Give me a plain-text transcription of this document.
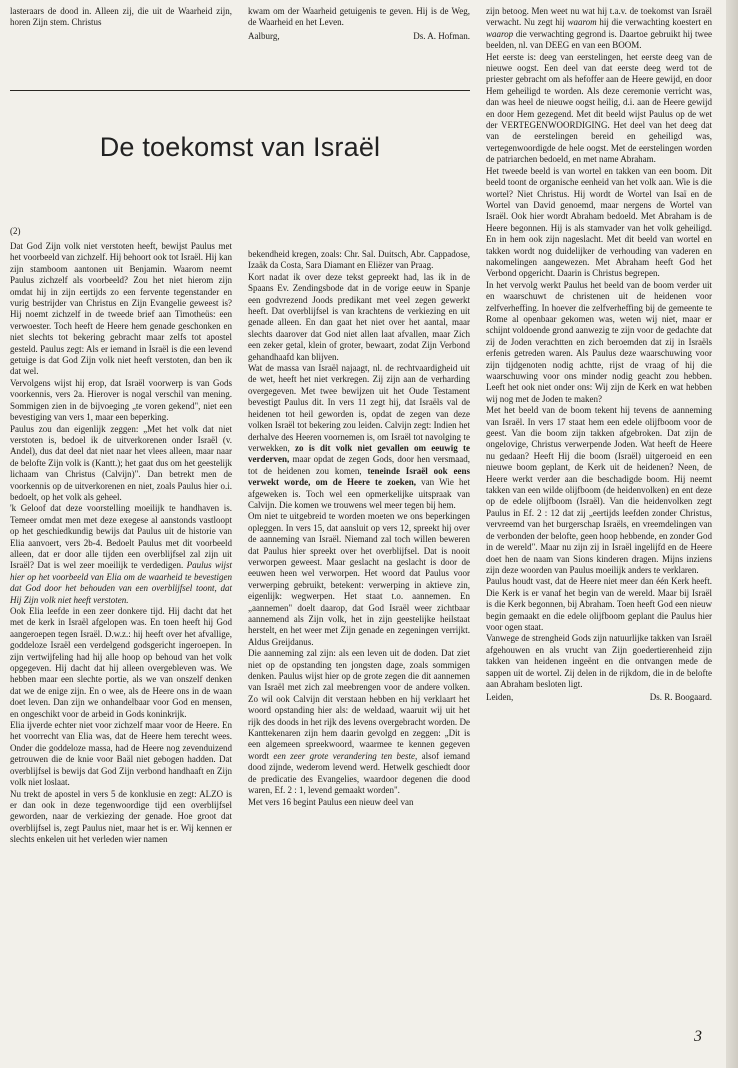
lasteraars de dood in. Alleen zij, die uit de Waarheid zijn, horen Zijn stem. Christus

kwam om der Waarheid getuigenis te geven. Hij is de Weg, de Waarheid en het Leven.

Aalburg,	Ds. A. Hofman.
De toekomst van Israël
(2)

Dat God Zijn volk niet verstoten heeft, bewijst Paulus met het voorbeeld van zichzelf. Hij behoort ook tot Israël. Hij kan zijn stamboom aantonen uit Benjamin. Waarom neemt Paulus zichzelf als voorbeeld? Zou het niet hierom zijn omdat hij in zijn eertijds zo een fervente tegenstander en vurig bestrijder van Christus en Zijn Evangelie geweest is? Hij noemt zichzelf in de tweede brief aan Timotheüs: een verwoester. Toch heeft de Heere hem genade geschonken en niet slechts tot bekering gebracht maar zelfs tot apostel gesteld. Paulus zegt: Als er iemand in Israël is die een levend getuige is dat God Zijn volk niet heeft verstoten, dan ben ik dat wel.

Vervolgens wijst hij erop, dat Israël voorwerp is van Gods voorkennis, vers 2a. Hierover is nogal verschil van mening. Sommigen zien in de bijvoeging „te voren gekend", niet een bevestiging van vers 1, maar een beperking.

Paulus zou dan eigenlijk zeggen: „Met het volk dat niet verstoten is, bedoel ik de uitverkorenen onder Israël (v. Andel), dus dat deel dat niet naar het vlees alleen, maar naar de belofte Zijn volk is (Kantt.); het gaat dus om het geestelijk lichaam van Christus (Calvijn)". Dan betrekt men de voorkennis op de uitverkorenen en niet, zoals Paulus hier o.i. bedoelt, op het volk als geheel.

'k Geloof dat deze voorstelling moeilijk te handhaven is. Temeer omdat men met deze exegese al aanstonds vastloopt op het geschiedkundig bewijs dat Paulus uit de historie van Elia aanvoert, vers 2b-4. Bedoelt Paulus met dit voorbeeld alleen, dat er door alle tijden een overblijfsel zal zijn uit Israël? Dat is wel zeer moeilijk te verdedigen. Paulus wijst hier op het voorbeeld van Elia om de waarheid te bevestigen dat God door het behouden van een overblijfsel toont, dat Hij Zijn volk niet heeft verstoten.

Ook Elia leefde in een zeer donkere tijd. Hij dacht dat het met de kerk in Israël afgelopen was. En toen heeft hij God aangeroepen tegen Israël. D.w.z.: hij heeft over het afvallige, goddeloze Israël een verdelgend godsgericht ingeroepen. In zijn vertwijfeling had hij alle hoop op behoud van het volk opgegeven. Hij dacht dat hij alleen overgebleven was. We hebben maar een slechte portie, als we van onszelf denken dat we de enige zijn. En o wee, als de Heere ons in de waan doet leven. Dan zijn we onhandelbaar voor God en mensen, en ongeschikt voor de arbeid in Gods koninkrijk.

Elia ijverde echter niet voor zichzelf maar voor de Heere. En het voorrecht van Elia was, dat de Heere hem terecht wees. Onder die goddeloze massa, had de Heere nog zevenduizend getrouwen die de knie voor Baäl niet gebogen hadden. Dat overblijfsel is bewijs dat God Zijn verbond handhaaft en Zijn volk niet loslaat.

Nu trekt de apostel in vers 5 de konklusie en zegt: ALZO is er dan ook in deze tegenwoordige tijd een overblijfsel geworden, naar de verkiezing der genade. Hoe groot dat overblijfsel is, zegt Paulus niet, maar het is er. Wij kennen er slechts enkelen uit het verleden wier namen

bekendheid kregen, zoals: Chr. Sal. Duitsch, Abr. Cappadose, Izaäk da Costa, Sara Diamant en Eliëzer van Praag.

Kort nadat ik over deze tekst gepreekt had, las ik in de Spaans Ev. Zendingsbode dat in de vorige eeuw in Spanje een godvrezend Joods predikant met veel zegen gewerkt heeft. Dat overblijfsel is van krachtens de verkiezing en uit genade alleen. En dan gaat het niet over het aantal, maar slechts daarover dat God niet allen laat afvallen, maar Zich een zeker getal, klein of groter, bewaart, zodat Zijn Verbond gehandhaafd kan blijven.

Wat de massa van Israël najaagt, nl. de rechtvaardigheid uit de wet, heeft het niet verkregen. Zij zijn aan de verharding overgegeven. Met twee bewijzen uit het Oude Testament bevestigt Paulus dit. In vers 11 zegt hij, dat Israëls val de heidenen tot heil geworden is, opdat de zegen van deze volken Israël tot bekering zou leiden. Calvijn zegt: Indien het derhalve des Heeren voornemen is, om Israël tot navolging te verwekken, zo is dit volk niet gevallen om eeuwig te verderven, maar opdat de zegen Gods, door hen versmaad, tot de heidenen zou komen, teneinde Israël ook eens verwekt worde, om de Heere te zoeken, van Wie het afgeweken is. Toch wel een opmerkelijke uitspraak van Calvijn. Die komen we trouwens wel meer tegen bij hem.

Om niet te uitgebreid te worden moeten we ons beperkingen opleggen. In vers 15, dat aansluit op vers 12, spreekt hij over de aanneming van Israël. Niemand zal toch willen beweren dat Paulus hier spreekt over het overblijfsel. Dat is nooit verworpen geweest. Maar geslacht na geslacht is door de eeuwen heen wel verworpen. Het woord dat Paulus voor verwerping gebruikt, betekent: verwerping in aktieve zin, eigenlijk: wegwerpen. Het staat t.o. aannemen. En „aannemen" doelt daarop, dat God Israël weer zichtbaar aannemend als Zijn volk, het in zijn geestelijke heilstaat herstelt, en het weer met Zijn genade en zegeningen verrijkt. Aldus Greijdanus.

Die aanneming zal zijn: als een leven uit de doden. Dat ziet niet op de opstanding ten jongsten dage, zoals sommigen denken. Paulus wijst hier op de grote zegen die dit aannemen van Israël met zich zal meebrengen voor de andere volken. Zo wil ook Calvijn dit verstaan hebben en hij verklaart het woord opstanding hier als: de weldaad, waaruit wij uit het rijk des doods in het rijk des levens overgebracht worden. De Kanttekenaren zijn hem daarin gevolgd en zeggen: „Dit is een algemeen spreekwoord, waarmee te kennen gegeven wordt een zeer grote verandering ten beste, alsof iemand dood zijnde, wederom levend werd. Hetwelk geschiedt door de predicatie des Evangelies, waardoor degenen die dood waren, Ef. 2 : 1, levend gemaakt worden".

Met vers 16 begint Paulus een nieuw deel van

zijn betoog. Men weet nu wat hij t.a.v. de toekomst van Israël verwacht. Nu zegt hij waarom hij die verwachting koestert en waarop die verwachting gegrond is. Daartoe gebruikt hij twee beelden, nl. van DEEG en van een BOOM.

Het eerste is: deeg van eerstelingen, het eerste deeg van de nieuwe oogst. Een deel van dat eerste deeg werd tot de priester gebracht om als hefoffer aan de Heere gewijd, en door Hem geheiligd te worden. Als deze ceremonie verricht was, dan was heel de nieuwe oogst heilig, d.i. aan de Heere gewijd en door Hem gezegend. Met dit beeld wijst Paulus op de wet der VERTEGENWOORDIGING. Het deel van het deeg dat van de eerstelingen bereid en geheiligd was, vertegenwoordigde de hele oogst. Met de eerstelingen worden de patriarchen bedoeld, en met name Abraham.

Het tweede beeld is van wortel en takken van een boom. Dit beeld toont de organische eenheid van het volk aan. Wie is die wortel? Niet Christus. Hij wordt de Wortel van Isaï en de Wortel van David genoemd, maar nergens de Wortel van Israël. Ook hier wordt Abraham bedoeld. Met Abraham is de Heere begonnen. Hij is als stamvader van het volk geheiligd. En in hem ook zijn nageslacht. Met dit beeld van wortel en takken wordt nog duidelijker de verhouding van vaderen en nakomelingen aangewezen. Met Abraham heeft God het Verbond opgericht. Daarin is Christus begrepen.

In het vervolg werkt Paulus het beeld van de boom verder uit en waarschuwt de christenen uit de heidenen voor zelfverheffing. In hoever die zelfverheffing bij de gemeente te Rome al openbaar gekomen was, weten wij niet, maar er schijnt voldoende grond aanwezig te zijn voor de gedachte dat zij de Joden verachtten en zich beroemden dat zij in Israëls erfenis getreden waren. Als Paulus deze waarschuwing voor zijn tijdgenoten nodig achtte, rijst de vraag of hij die waarschuwing voor ons minder nodig geacht zou hebben. Leeft het ook niet onder ons: Wij zijn de Kerk en wat hebben wij nog met de Joden te maken?

Met het beeld van de boom tekent hij tevens de aanneming van Israël. In vers 17 staat hem een edele olijfboom voor de geest. Van die boom zijn takken afgebroken. Dat zijn de ongelovige, Christus verwerpende Joden. Wat heeft de Heere nu gedaan? Heeft Hij die boom (Israël) uitgeroeid en een nieuwe boom geplant, de Kerk uit de heidenen? Neen, de Heere werkt verder aan die beschadigde boom. Hij neemt takken van een wilde olijfboom (de heidenvolken) en ent deze op de edele olijfboom (Israël). Van die heidenvolken zegt Paulus in Ef. 2 : 12 dat zij „eertijds leefden zonder Christus, vervreemd van het burgerschap Israëls, en vreemdelingen van de verbonden der belofte, geen hoop hebbende, en zonder God in de wereld". Maar nu zijn zij in Israël ingelijfd en de Heere doet hen de naam van Sions kinderen dragen. Mijns inziens zijn deze woorden van Paulus moeilijk anders te verklaren.

Paulus houdt vast, dat de Heere niet meer dan één Kerk heeft. Die Kerk is er vanaf het begin van de wereld. Maar bij Israël is die Kerk begonnen, bij Abraham. Toen heeft God een nieuw begin gemaakt en die edele olijfboom geplant die Paulus hier voor ogen staat.

Vanwege de strengheid Gods zijn natuurlijke takken van Israël afgehouwen en als vrucht van Zijn goedertierenheid zijn takken van heidenen ingeënt en die ontvangen mede de sappen uit de wortel. Zij delen in de rijkdom, die in de belofte aan Abraham besloten ligt.

Leiden,	Ds. R. Boogaard.
3
